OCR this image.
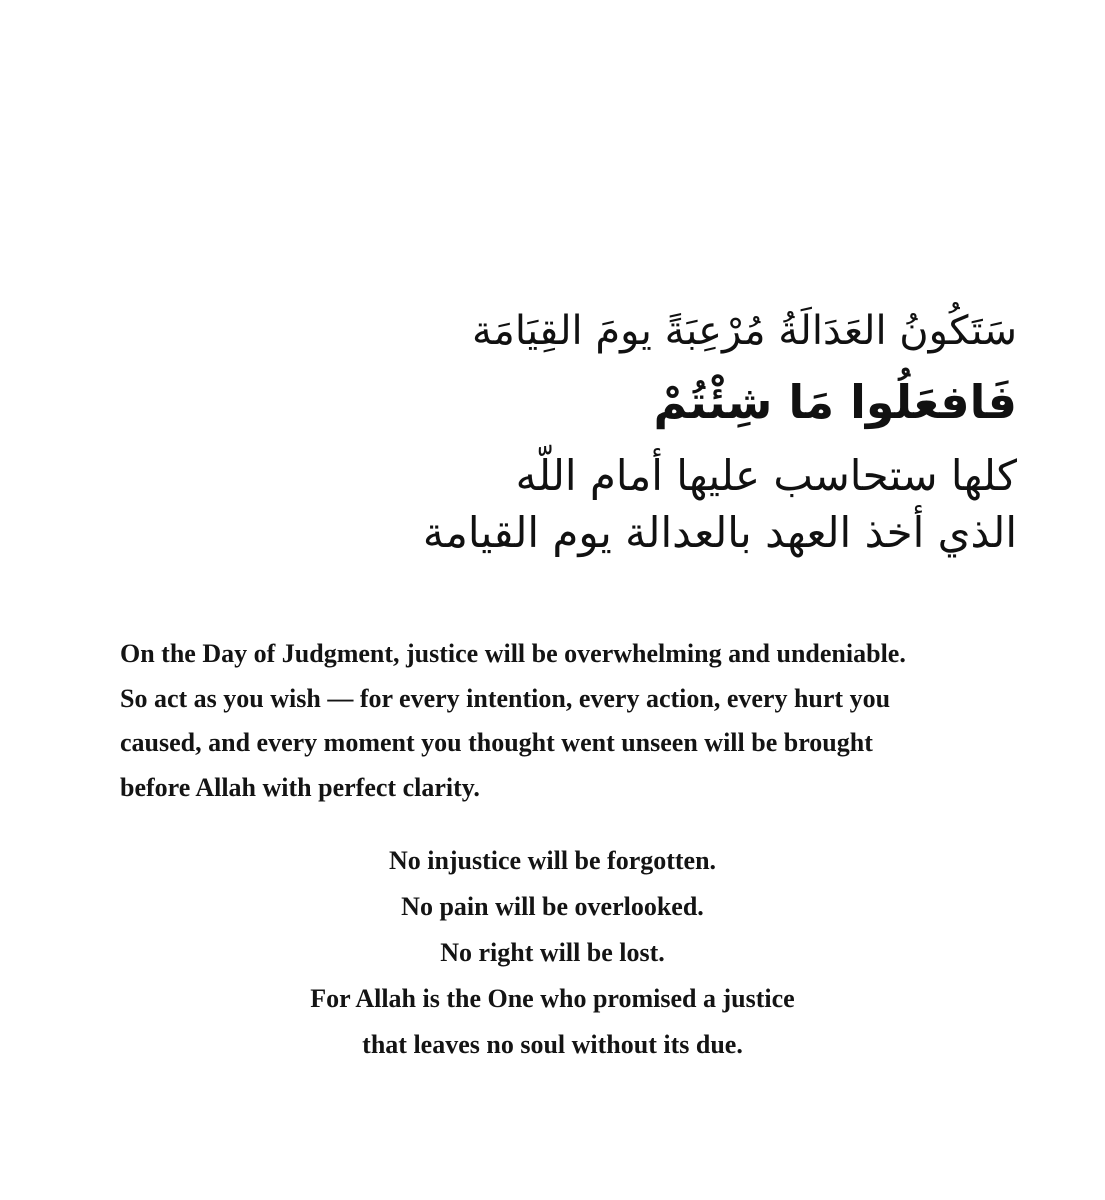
سَتَكُونُ العَدَالَةُ مُرْعِبَةً يومَ القِيَامَة
فَافعَلُوا مَا شِئْتُمْ
كلها ستحاسب عليها أمام اللّه
الذي أخذ العهد بالعدالة يوم القيامة
On the Day of Judgment, justice will be overwhelming and undeniable.
So act as you wish — for every intention, every action, every hurt you
caused, and every moment you thought went unseen will be brought
before Allah with perfect clarity.
No injustice will be forgotten.
No pain will be overlooked.
No right will be lost.
For Allah is the One who promised a justice
that leaves no soul without its due.
